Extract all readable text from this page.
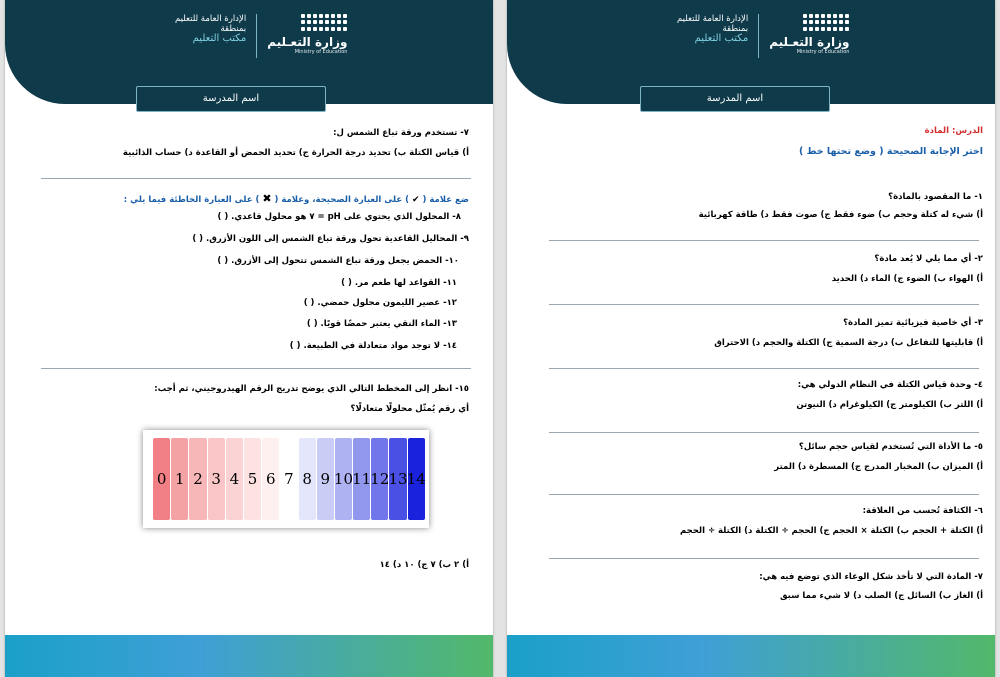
وزارة التعـليم
Ministry of Education
الإدارة العامة للتعليم
بمنطقة
مكتب التعليم
اسم المدرسة
٧- تستخدم ورقة تباع الشمس ل:
أ) قياس الكتلة ب) تحديد درجة الحرارة ج) تحديد الحمض أو القاعدة د) حساب الذائبية
ضع علامة ( ✔ ) على العبارة الصحيحة، وعلامة ( ✖ ) على العبارة الخاطئة فيما يلي :
٨- المحلول الذي يحتوي على pH = ٧ هو محلول قاعدي. ( )
٩- المحاليل القاعدية تحول ورقة تباع الشمس إلى اللون الأزرق. ( )
١٠- الحمض يجعل ورقة تباع الشمس تتحول إلى الأزرق. ( )
١١- القواعد لها طعم مر. ( )
١٢- عصير الليمون محلول حمضي. ( )
١٣- الماء النقي يعتبر حمضًا قويًا. ( )
١٤- لا توجد مواد متعادلة في الطبيعة. ( )
١٥- انظر إلى المخطط التالي الذي يوضح تدريج الرقم الهيدروجيني، ثم أجب:
أي رقم يُمثّل محلولًا متعادلًا؟
أ) ٢ ب) ٧ ج) ١٠ د) ١٤
0 1 2 3 4 5 6 7 8 9 10 11 12 13 14
وزارة التعـليم
Ministry of Education
الإدارة العامة للتعليم
بمنطقة
مكتب التعليم
اسم المدرسة
الدرس: المادة
اختر الإجابة الصحيحة ( وضع تحتها خط )
١- ما المقصود بالمادة؟
أ) شيء له كتلة وحجم ب) ضوء فقط ج) صوت فقط د) طاقة كهربائية
٢- أي مما يلي لا يُعد مادة؟
أ) الهواء ب) الضوء ج) الماء د) الحديد
٣- أي خاصية فيزيائية تميز المادة؟
أ) قابليتها للتفاعل ب) درجة السمية ج) الكتلة والحجم د) الاحتراق
٤- وحدة قياس الكتلة في النظام الدولي هي:
أ) اللتر ب) الكيلومتر ج) الكيلوغرام د) النيوتن
٥- ما الأداة التي تُستخدم لقياس حجم سائل؟
أ) الميزان ب) المخبار المدرج ج) المسطرة د) المتر
٦- الكثافة تُحسب من العلاقة:
أ) الكتلة + الحجم ب) الكتلة × الحجم ج) الحجم ÷ الكتلة د) الكتلة ÷ الحجم
٧- المادة التي لا تأخذ شكل الوعاء الذي توضع فيه هي:
أ) الغاز ب) السائل ج) الصلب د) لا شيء مما سبق
